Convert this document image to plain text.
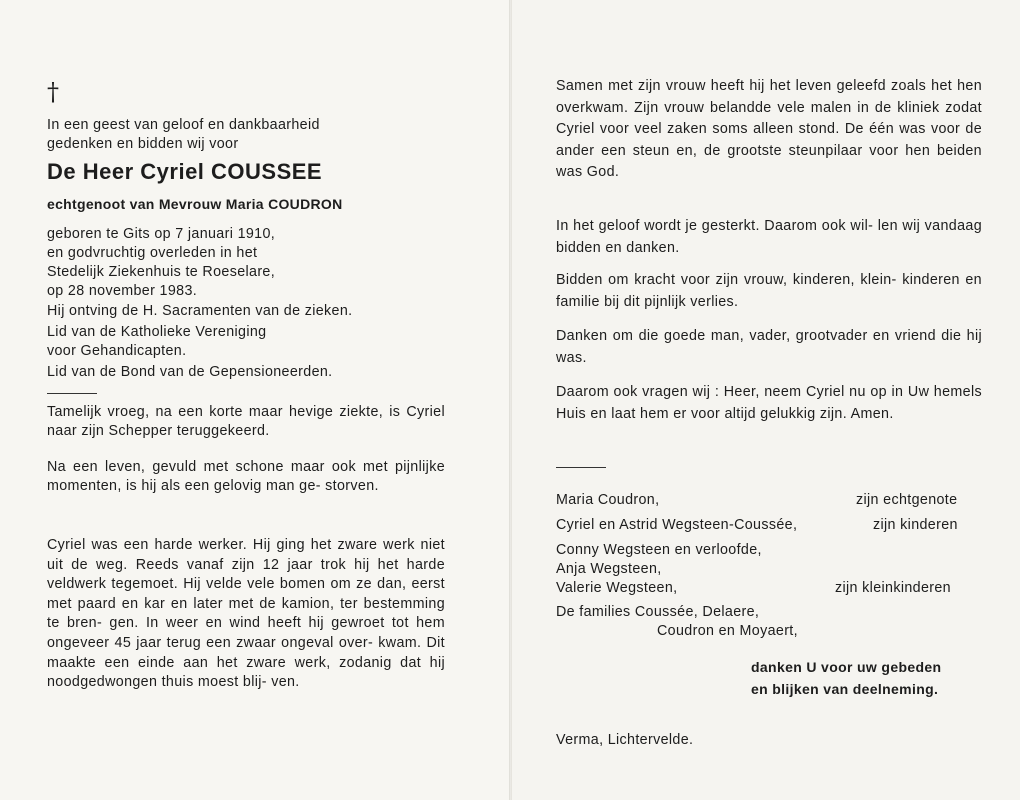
†
In een geest van geloof en dankbaarheid
gedenken en bidden wij voor
De Heer Cyriel COUSSEE
echtgenoot van Mevrouw Maria COUDRON
geboren te Gits op 7 januari 1910,
en godvruchtig overleden in het
Stedelijk Ziekenhuis te Roeselare,
op 28 november 1983.
Hij ontving de H. Sacramenten van de zieken.
Lid van de Katholieke Vereniging
voor Gehandicapten.
Lid van de Bond van de Gepensioneerden.

Tamelijk vroeg, na een korte maar hevige ziekte, is Cyriel naar zijn Schepper teruggekeerd.

Na een leven, gevuld met schone maar ook met pijnlijke momenten, is hij als een gelovig man ge- storven.

Cyriel was een harde werker. Hij ging het zware werk niet uit de weg. Reeds vanaf zijn 12 jaar trok hij het harde veldwerk tegemoet. Hij velde vele bomen om ze dan, eerst met paard en kar en later met de kamion, ter bestemming te bren- gen. In weer en wind heeft hij gewroet tot hem ongeveer 45 jaar terug een zwaar ongeval over- kwam. Dit maakte een einde aan het zware werk, zodanig dat hij noodgedwongen thuis moest blij- ven.

Samen met zijn vrouw heeft hij het leven geleefd zoals het hen overkwam. Zijn vrouw belandde vele malen in de kliniek zodat Cyriel voor veel zaken soms alleen stond. De één was voor de ander een steun en, de grootste steunpilaar voor hen beiden was God.

In het geloof wordt je gesterkt. Daarom ook wil- len wij vandaag bidden en danken.

Bidden om kracht voor zijn vrouw, kinderen, klein- kinderen en familie bij dit pijnlijk verlies.

Danken om die goede man, vader, grootvader en vriend die hij was.

Daarom ook vragen wij : Heer, neem Cyriel nu op in Uw hemels Huis en laat hem er voor altijd gelukkig zijn. Amen.

Maria Coudron,	zijn echtgenote
Cyriel en Astrid Wegsteen-Coussée,	zijn kinderen
Conny Wegsteen en verloofde,
Anja Wegsteen,
Valerie Wegsteen,	zijn kleinkinderen
De families Coussée, Delaere,
Coudron en Moyaert,
danken U voor uw gebeden
en blijken van deelneming.
Verma, Lichtervelde.
